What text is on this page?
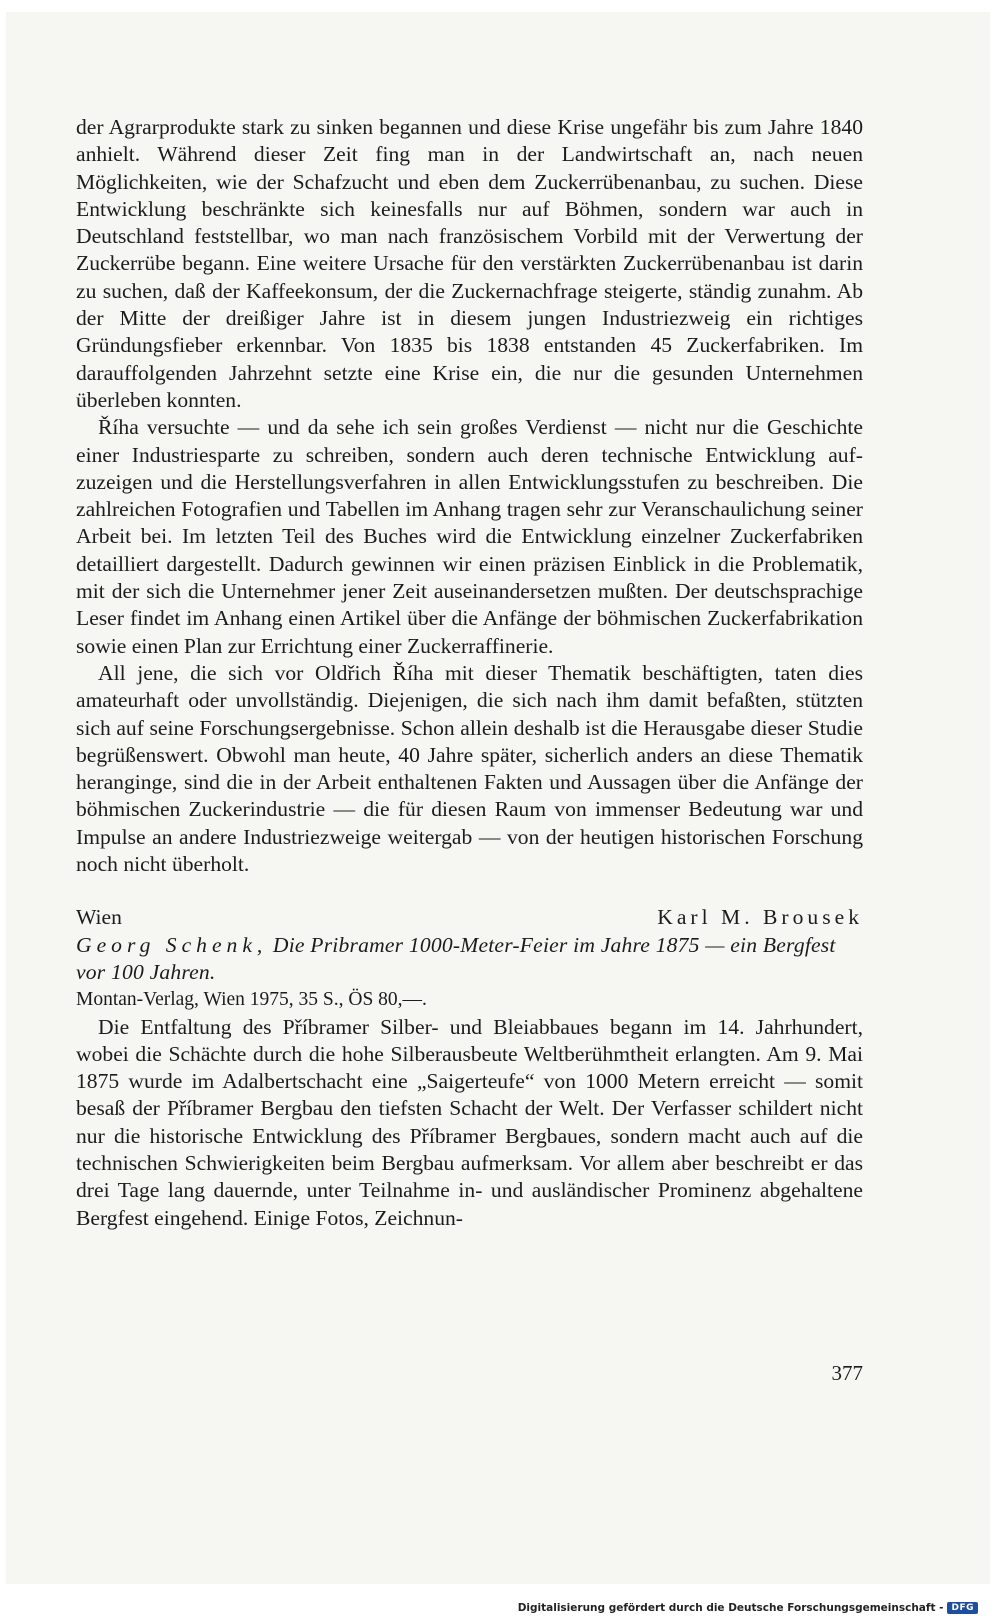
der Agrarprodukte stark zu sinken begannen und diese Krise ungefähr bis zum Jahre 1840 anhielt. Während dieser Zeit fing man in der Landwirtschaft an, nach neuen Möglichkeiten, wie der Schafzucht und eben dem Zuckerrübenanbau, zu suchen. Diese Entwicklung beschränkte sich keinesfalls nur auf Böhmen, sondern war auch in Deutschland feststellbar, wo man nach französischem Vorbild mit der Verwertung der Zuckerrübe begann. Eine weitere Ursache für den verstärkten Zuckerrübenanbau ist darin zu suchen, daß der Kaffeekonsum, der die Zuckernachfrage steigerte, ständig zunahm. Ab der Mitte der dreißiger Jahre ist in diesem jungen Industriezweig ein richtiges Gründungsfieber erkennbar. Von 1835 bis 1838 entstanden 45 Zuckerfabriken. Im darauffolgenden Jahrzehnt setzte eine Krise ein, die nur die gesunden Unternehmen überleben konnten.

Říha versuchte — und da sehe ich sein großes Verdienst — nicht nur die Geschichte einer Industriesparte zu schreiben, sondern auch deren technische Entwicklung aufzuzeigen und die Herstellungsverfahren in allen Entwicklungsstufen zu beschreiben. Die zahlreichen Fotografien und Tabellen im Anhang tragen sehr zur Veranschaulichung seiner Arbeit bei. Im letzten Teil des Buches wird die Entwicklung einzelner Zuckerfabriken detailliert dargestellt. Dadurch gewinnen wir einen präzisen Einblick in die Problematik, mit der sich die Unternehmer jener Zeit auseinandersetzen mußten. Der deutschsprachige Leser findet im Anhang einen Artikel über die Anfänge der böhmischen Zuckerfabrikation sowie einen Plan zur Errichtung einer Zuckerraffinerie.

All jene, die sich vor Oldřich Říha mit dieser Thematik beschäftigten, taten dies amateurhaft oder unvollständig. Diejenigen, die sich nach ihm damit befaßten, stützten sich auf seine Forschungsergebnisse. Schon allein deshalb ist die Herausgabe dieser Studie begrüßenswert. Obwohl man heute, 40 Jahre später, sicherlich anders an diese Thematik heranginge, sind die in der Arbeit enthaltenen Fakten und Aussagen über die Anfänge der böhmischen Zuckerindustrie — die für diesen Raum von immenser Bedeutung war und Impulse an andere Industriezweige weitergab — von der heutigen historischen Forschung noch nicht überholt.

Wien	Karl M. Brousek

Georg Schenk, Die Pribramer 1000-Meter-Feier im Jahre 1875 — ein Bergfest vor 100 Jahren.

Montan-Verlag, Wien 1975, 35 S., ÖS 80,—.

Die Entfaltung des Příbramer Silber- und Bleiabbaues begann im 14. Jahrhundert, wobei die Schächte durch die hohe Silberausbeute Weltberühmtheit erlangten. Am 9. Mai 1875 wurde im Adalbertschacht eine „Saigerteufe“ von 1000 Metern erreicht — somit besaß der Příbramer Bergbau den tiefsten Schacht der Welt. Der Verfasser schildert nicht nur die historische Entwicklung des Příbramer Bergbaues, sondern macht auch auf die technischen Schwierigkeiten beim Bergbau aufmerksam. Vor allem aber beschreibt er das drei Tage lang dauernde, unter Teilnahme in- und ausländischer Prominenz abgehaltene Bergfest eingehend. Einige Fotos, Zeichnun-

377
Digitalisierung gefördert durch die Deutsche Forschungsgemeinschaft - DFG
